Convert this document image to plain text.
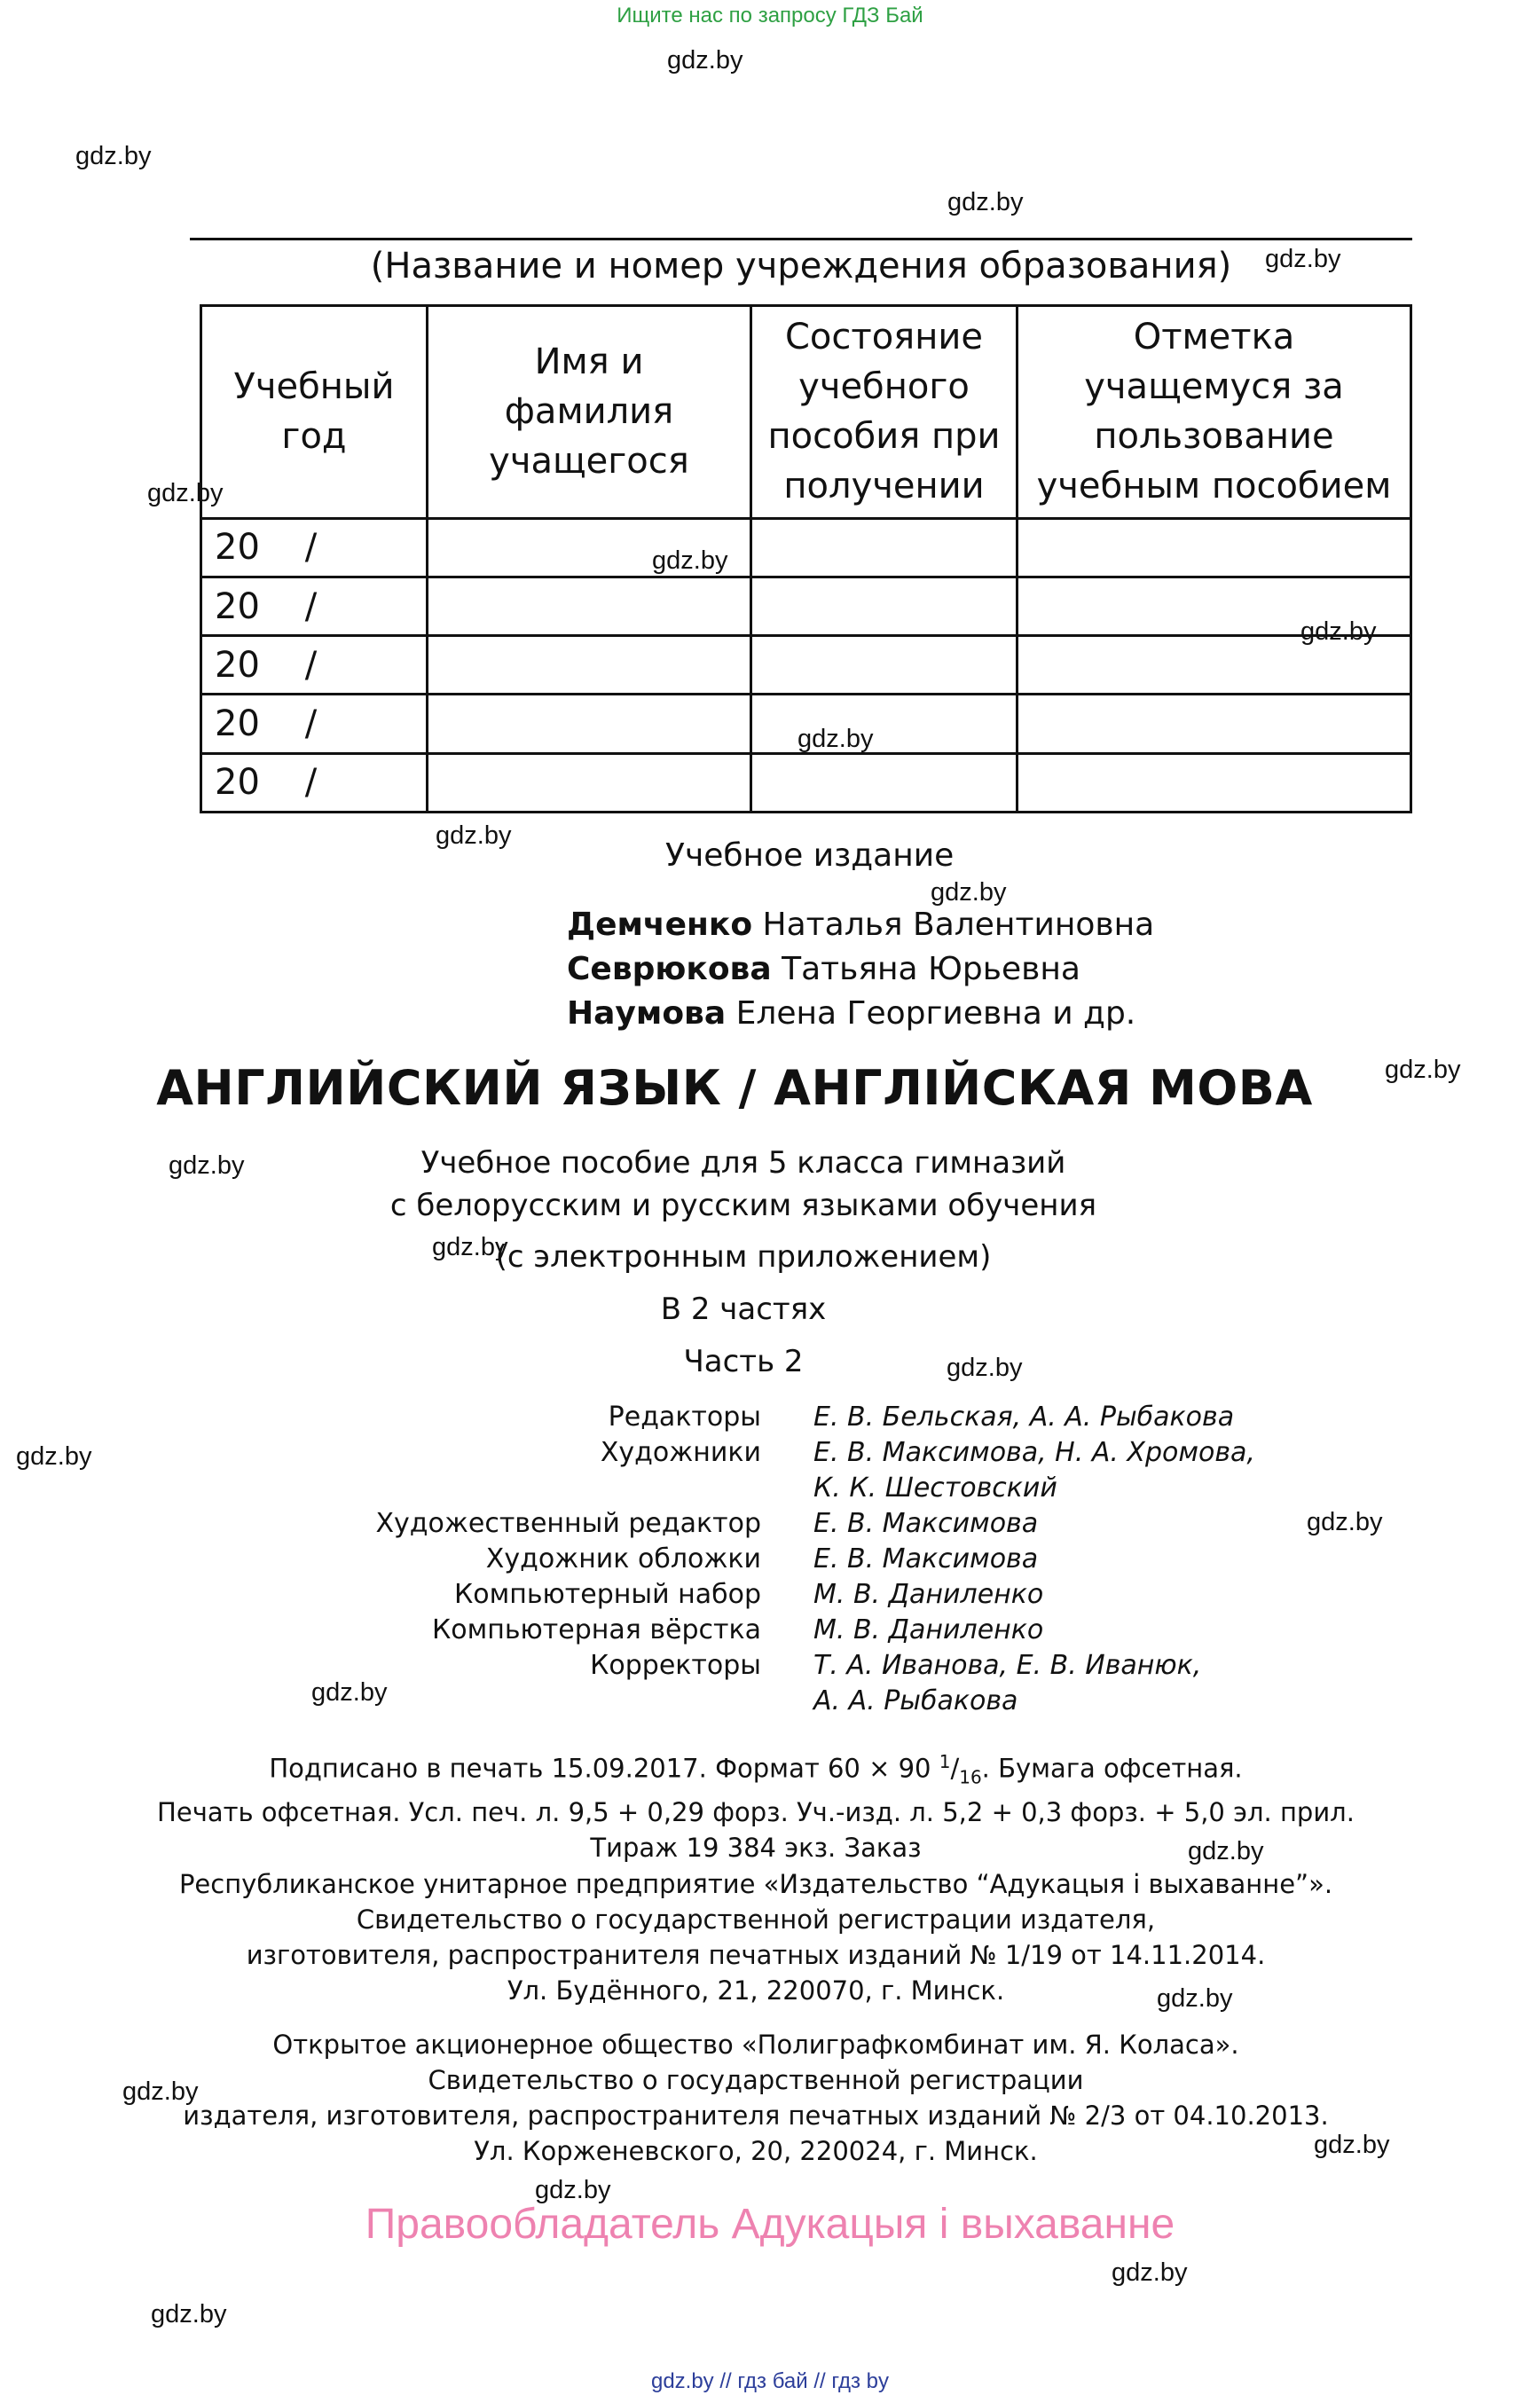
Ищите нас по запросу ГДЗ Бай
gdz.by
gdz.by
gdz.by
gdz.by
gdz.by
gdz.by
gdz.by
gdz.by
gdz.by
gdz.by
gdz.by
gdz.by
gdz.by
gdz.by
gdz.by
gdz.by
gdz.by
gdz.by
gdz.by
gdz.by
gdz.by
gdz.by
gdz.by
gdz.by
(Название и номер учреждения образования)
Учебный год	Имя и фамилия учащегося	Состояние учебного пособия при получении	Отметка учащемуся за пользование учебным пособием
20    /			
20    /			
20    /			
20    /			
20    /			
Учебное издание
Демченко Наталья Валентиновна
Севрюкова Татьяна Юрьевна
Наумова Елена Георгиевна и др.
АНГЛИЙСКИЙ ЯЗЫК / АНГЛІЙСКАЯ МОВА
Учебное пособие для 5 класса гимназий
с белорусским и русским языками обучения
(с электронным приложением)
В 2 частях
Часть 2
Редакторы Е. В. Бельская, А. А. Рыбакова
Художники Е. В. Максимова, Н. А. Хромова,
К. К. Шестовский
Художественный редактор Е. В. Максимова
Художник обложки Е. В. Максимова
Компьютерный набор М. В. Даниленко
Компьютерная вёрстка М. В. Даниленко
Корректоры Т. А. Иванова, Е. В. Иванюк,
А. А. Рыбакова
Подписано в печать 15.09.2017. Формат 60 × 90 $^1/_{16}$. Бумага офсетная.
Печать офсетная. Усл. печ. л. 9,5 + 0,29 форз. Уч.-изд. л. 5,2 + 0,3 форз. + 5,0 эл. прил.
Тираж 19 384 экз. Заказ
Республиканское унитарное предприятие «Издательство “Адукацыя і выхаванне”».
Свидетельство о государственной регистрации издателя,
изготовителя, распространителя печатных изданий № 1/19 от 14.11.2014.
Ул. Будённого, 21, 220070, г. Минск.
Открытое акционерное общество «Полиграфкомбинат им. Я. Коласа».
Свидетельство о государственной регистрации
издателя, изготовителя, распространителя печатных изданий № 2/3 от 04.10.2013.
Ул. Корженевского, 20, 220024, г. Минск.
Правообладатель Адукацыя і выхаванне
gdz.by // гдз бай // гдз by
